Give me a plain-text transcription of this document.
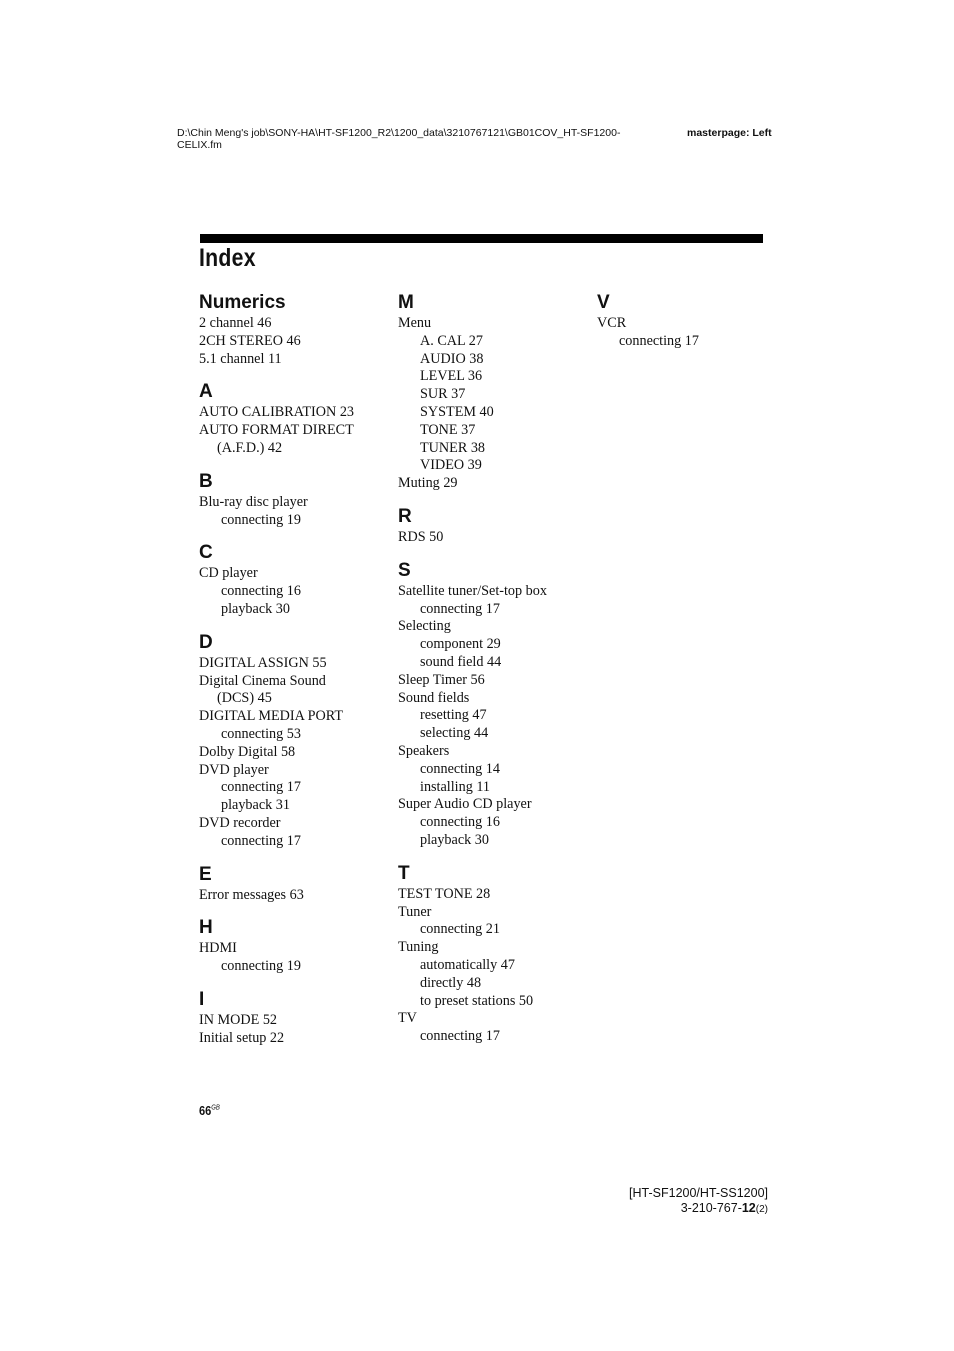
D:\Chin Meng's job\SONY-HA\HT-SF1200_R2\1200_data\3210767121\GB01COV_HT-SF1200-CELIX.fm
masterpage: Left
Index
Numerics
2 channel 46
2CH STEREO 46
5.1 channel 11
A
AUTO CALIBRATION 23
AUTO FORMAT DIRECT
(A.F.D.) 42
B
Blu-ray disc player
connecting 19
C
CD player
connecting 16
playback 30
D
DIGITAL ASSIGN 55
Digital Cinema Sound
(DCS) 45
DIGITAL MEDIA PORT
connecting 53
Dolby Digital 58
DVD player
connecting 17
playback 31
DVD recorder
connecting 17
E
Error messages 63
H
HDMI
connecting 19
I
IN MODE 52
Initial setup 22
M
Menu
A. CAL 27
AUDIO 38
LEVEL 36
SUR 37
SYSTEM 40
TONE 37
TUNER 38
VIDEO 39
Muting 29
R
RDS 50
S
Satellite tuner/Set-top box
connecting 17
Selecting
component 29
sound field 44
Sleep Timer 56
Sound fields
resetting 47
selecting 44
Speakers
connecting 14
installing 11
Super Audio CD player
connecting 16
playback 30
T
TEST TONE 28
Tuner
connecting 21
Tuning
automatically 47
directly 48
to preset stations 50
TV
connecting 17
V
VCR
connecting 17
$66^{GB}$
[HT-SF1200/HT-SS1200]
3-210-767-12(2)
